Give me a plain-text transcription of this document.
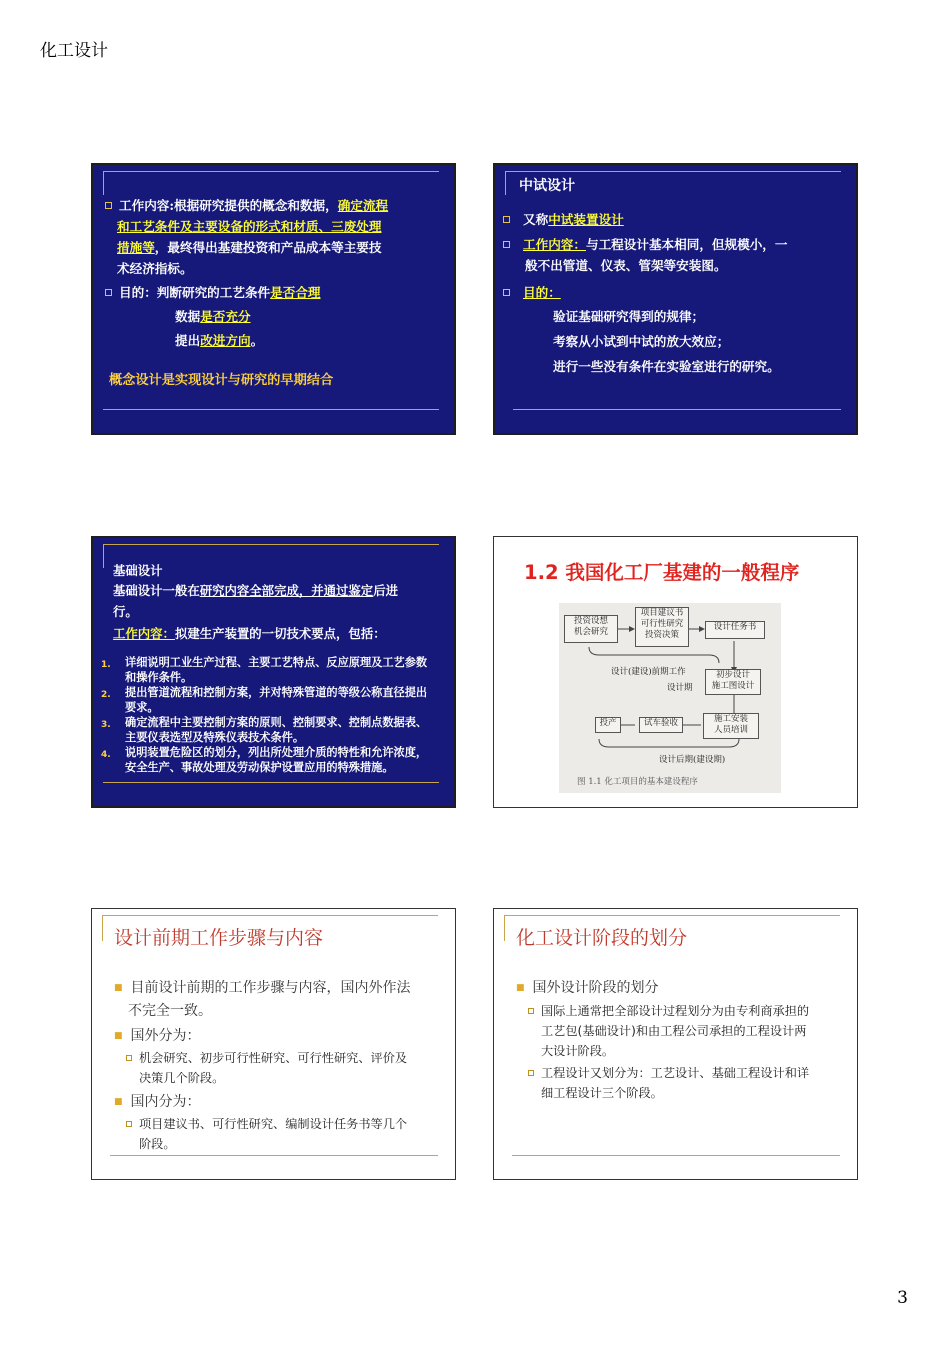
化工设计
工作内容:根据研究提供的概念和数据，确定流程
和工艺条件及主要设备的形式和材质、三废处理
措施等，最终得出基建投资和产品成本等主要技
术经济指标。
目的：判断研究的工艺条件是否合理
数据是否充分
提出改进方向。
概念设计是实现设计与研究的早期结合
中试设计
又称中试装置设计
工作内容：与工程设计基本相同，但规模小，一
般不出管道、仪表、管架等安装图。
目的：
验证基础研究得到的规律；
考察从小试到中试的放大效应；
进行一些没有条件在实验室进行的研究。
基础设计
基础设计一般在研究内容全部完成，并通过鉴定后进
行。
工作内容：拟建生产装置的一切技术要点，包括：
1.	详细说明工业生产过程、主要工艺特点、反应原理及工艺参数和操作条件。
2.	提出管道流程和控制方案，并对特殊管道的等级公称直径提出要求。
3.	确定流程中主要控制方案的原则、控制要求、控制点数据表、主要仪表选型及特殊仪表技术条件。
4.	说明装置危险区的划分，列出所处理介质的特性和允许浓度，安全生产、事故处理及劳动保护设置应用的特殊措施。
1.2 我国化工厂基建的一般程序
投资设想
机会研究
项目建议书
可行性研究
投资决策
设计任务书
设计(建设)前期工作
设计期
初步设计
施工图设计
施工安装
人员培训
试车验收
投产
设计后期(建设期)
图 1.1 化工项目的基本建设程序
设计前期工作步骤与内容
■ 目前设计前期的工作步骤与内容，国内外作法
不完全一致。
■ 国外分为：
机会研究、初步可行性研究、可行性研究、评价及
决策几个阶段。
■ 国内分为：
项目建议书、可行性研究、编制设计任务书等几个
阶段。
化工设计阶段的划分
■ 国外设计阶段的划分
国际上通常把全部设计过程划分为由专利商承担的
工艺包(基础设计)和由工程公司承担的工程设计两
大设计阶段。
工程设计又划分为：工艺设计、基础工程设计和详
细工程设计三个阶段。
3
